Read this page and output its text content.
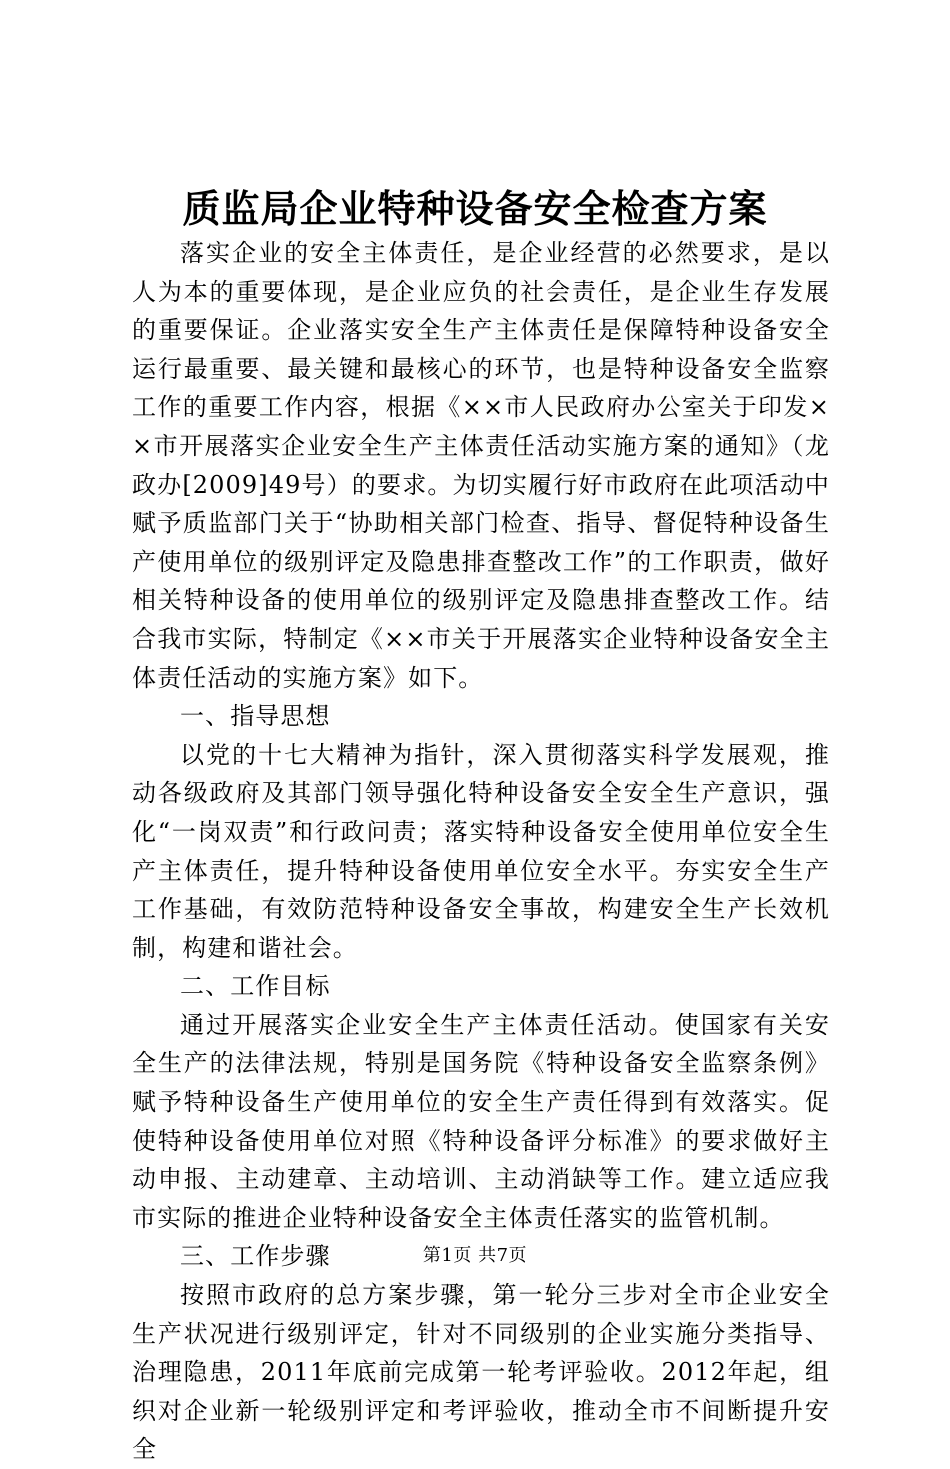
质监局企业特种设备安全检查方案

落实企业的安全主体责任，是企业经营的必然要求，是以人为本的重要体现，是企业应负的社会责任，是企业生存发展的重要保证。企业落实安全生产主体责任是保障特种设备安全运行最重要、最关键和最核心的环节，也是特种设备安全监察工作的重要工作内容，根据《××市人民政府办公室关于印发××市开展落实企业安全生产主体责任活动实施方案的通知》（龙政办[2009]49号）的要求。为切实履行好市政府在此项活动中赋予质监部门关于“协助相关部门检查、指导、督促特种设备生产使用单位的级别评定及隐患排查整改工作”的工作职责，做好相关特种设备的使用单位的级别评定及隐患排查整改工作。结合我市实际，特制定《××市关于开展落实企业特种设备安全主体责任活动的实施方案》如下。

一、指导思想

以党的十七大精神为指针，深入贯彻落实科学发展观，推动各级政府及其部门领导强化特种设备安全安全生产意识，强化“一岗双责”和行政问责；落实特种设备安全使用单位安全生产主体责任，提升特种设备使用单位安全水平。夯实安全生产工作基础，有效防范特种设备安全事故，构建安全生产长效机制，构建和谐社会。

二、工作目标

通过开展落实企业安全生产主体责任活动。使国家有关安全生产的法律法规，特别是国务院《特种设备安全监察条例》赋予特种设备生产使用单位的安全生产责任得到有效落实。促使特种设备使用单位对照《特种设备评分标准》的要求做好主动申报、主动建章、主动培训、主动消缺等工作。建立适应我市实际的推进企业特种设备安全主体责任落实的监管机制。

三、工作步骤

按照市政府的总方案步骤，第一轮分三步对全市企业安全生产状况进行级别评定，针对不同级别的企业实施分类指导、治理隐患，2011年底前完成第一轮考评验收。2012年起，组织对企业新一轮级别评定和考评验收，推动全市不间断提升安全

第1页 共7页
